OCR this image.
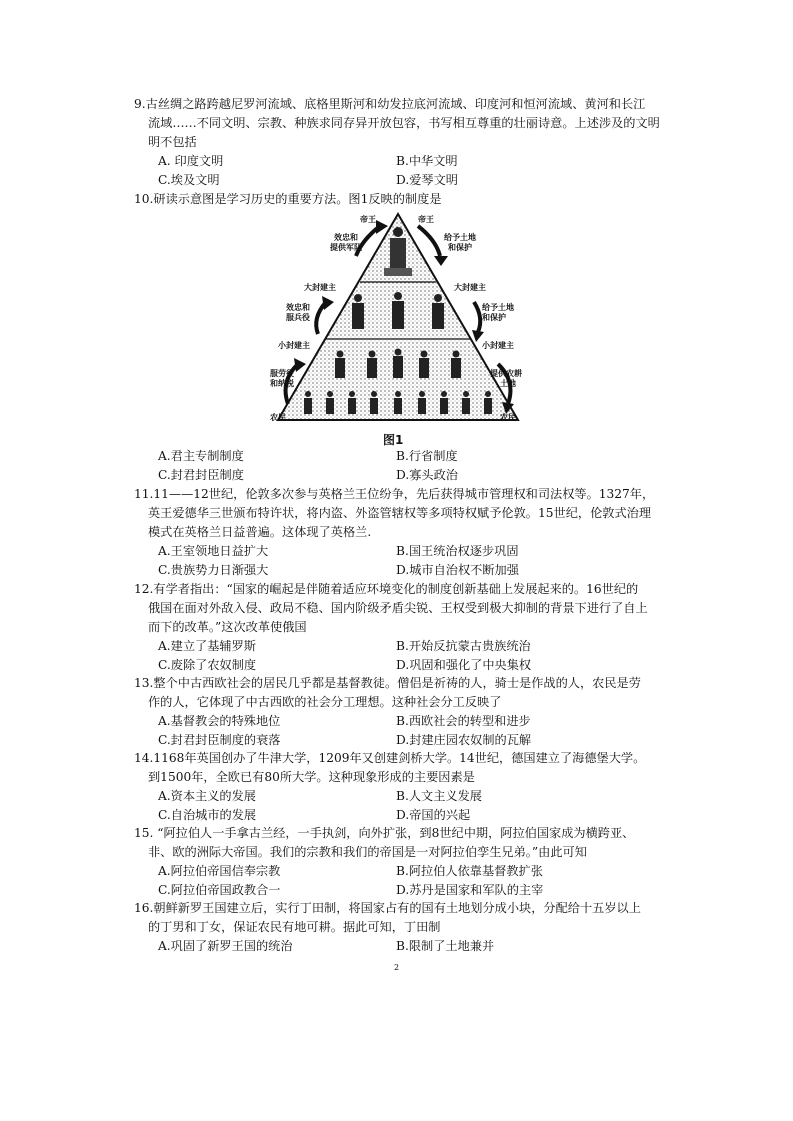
9.古丝绸之路跨越尼罗河流域、底格里斯河和幼发拉底河流域、印度河和恒河流域、黄河和长江
流域……不同文明、宗教、种族求同存异开放包容，书写相互尊重的壮丽诗意。上述涉及的文明
明不包括

A. 印度文明	B.中华文明
C.埃及文明	D.爱琴文明

10.研读示意图是学习历史的重要方法。图1反映的制度是

帝王	帝王
效忠和
提供军队
给予土地
和保护
大封建主	大封建主
效忠和
服兵役
给予土地
和保护
小封建主	小封建主
服劳役
和纳税
提供农耕
土地
农民	农民
图1
A.君主专制制度	B.行省制度
C.封君封臣制度	D.寡头政治

11.11——12世纪，伦敦多次参与英格兰王位纷争，先后获得城市管理权和司法权等。1327年，
英王爱德华三世颁布特许状，将内盗、外盗管辖权等多项特权赋予伦敦。15世纪，伦敦式治理
模式在英格兰日益普遍。这体现了英格兰.

A.王室领地日益扩大	B.国王统治权逐步巩固
C.贵族势力日渐强大	D.城市自治权不断加强

12.有学者指出：“国家的崛起是伴随着适应环境变化的制度创新基础上发展起来的。16世纪的
俄国在面对外敌入侵、政局不稳、国内阶级矛盾尖锐、王权受到极大抑制的背景下进行了自上
而下的改革。”这次改革使俄国

A.建立了基辅罗斯	B.开始反抗蒙古贵族统治
C.废除了农奴制度	D.巩固和强化了中央集权

13.整个中古西欧社会的居民几乎都是基督教徒。僧侣是祈祷的人，骑士是作战的人，农民是劳
作的人，它体现了中古西欧的社会分工理想。这种社会分工反映了

A.基督教会的特殊地位	B.西欧社会的转型和进步
C.封君封臣制度的衰落	D.封建庄园农奴制的瓦解

14.1168年英国创办了牛津大学，1209年又创建剑桥大学。14世纪，德国建立了海德堡大学。
到1500年，全欧已有80所大学。这种现象形成的主要因素是

A.资本主义的发展	B.人文主义发展
C.自治城市的发展	D.帝国的兴起

15. “阿拉伯人一手拿古兰经，一手执剑，向外扩张，到8世纪中期，阿拉伯国家成为横跨亚、
非、欧的洲际大帝国。我们的宗教和我们的帝国是一对阿拉伯孪生兄弟。”由此可知

A.阿拉伯帝国信奉宗教	B.阿拉伯人依靠基督教扩张
C.阿拉伯帝国政教合一	D.苏丹是国家和军队的主宰

16.朝鲜新罗王国建立后，实行丁田制，将国家占有的国有土地划分成小块，分配给十五岁以上
的丁男和丁女，保证农民有地可耕。据此可知，丁田制

A.巩固了新罗王国的统治	B.限制了土地兼并
2
